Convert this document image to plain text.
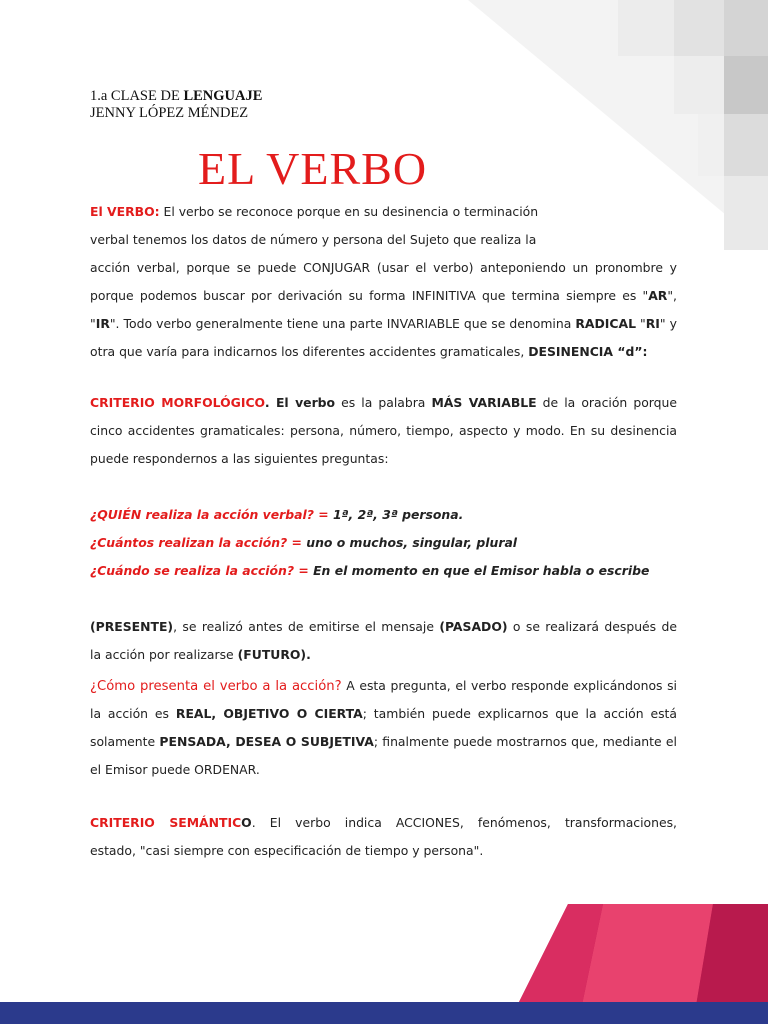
1.a CLASE DE LENGUAJE
JENNY LÓPEZ MÉNDEZ
EL VERBO
El VERBO: El verbo se reconoce porque en su desinencia o terminación
verbal tenemos los datos de número y persona del Sujeto que realiza la
acción verbal, porque se puede CONJUGAR (usar el verbo) anteponiendo un pronombre y
porque podemos buscar por derivación su forma INFINITIVA que termina siempre es "AR",
"IR". Todo verbo generalmente tiene una parte INVARIABLE que se denomina RADICAL "RI" y
otra que varía para indicarnos los diferentes accidentes gramaticales, DESINENCIA “d”:
CRITERIO MORFOLÓGICO. El verbo es la palabra MÁS VARIABLE de la oración porque
cinco accidentes gramaticales: persona, número, tiempo, aspecto y modo. En su desinencia
puede respondernos a las siguientes preguntas:
¿QUIÉN realiza la acción verbal? = 1ª, 2ª, 3ª persona.
¿Cuántos realizan la acción? = uno o muchos, singular, plural
¿Cuándo se realiza la acción? = En el momento en que el Emisor habla o escribe
(PRESENTE), se realizó antes de emitirse el mensaje (PASADO) o se realizará después de
la acción por realizarse (FUTURO).
¿Cómo presenta el verbo a la acción? A esta pregunta, el verbo responde explicándonos si
la acción es REAL, OBJETIVO O CIERTA; también puede explicarnos que la acción está
solamente PENSADA, DESEA O SUBJETIVA; finalmente puede mostrarnos que, mediante el
el Emisor puede ORDENAR.
CRITERIO SEMÁNTICO. El verbo indica ACCIONES, fenómenos, transformaciones,
estado, "casi siempre con especificación de tiempo y persona".
